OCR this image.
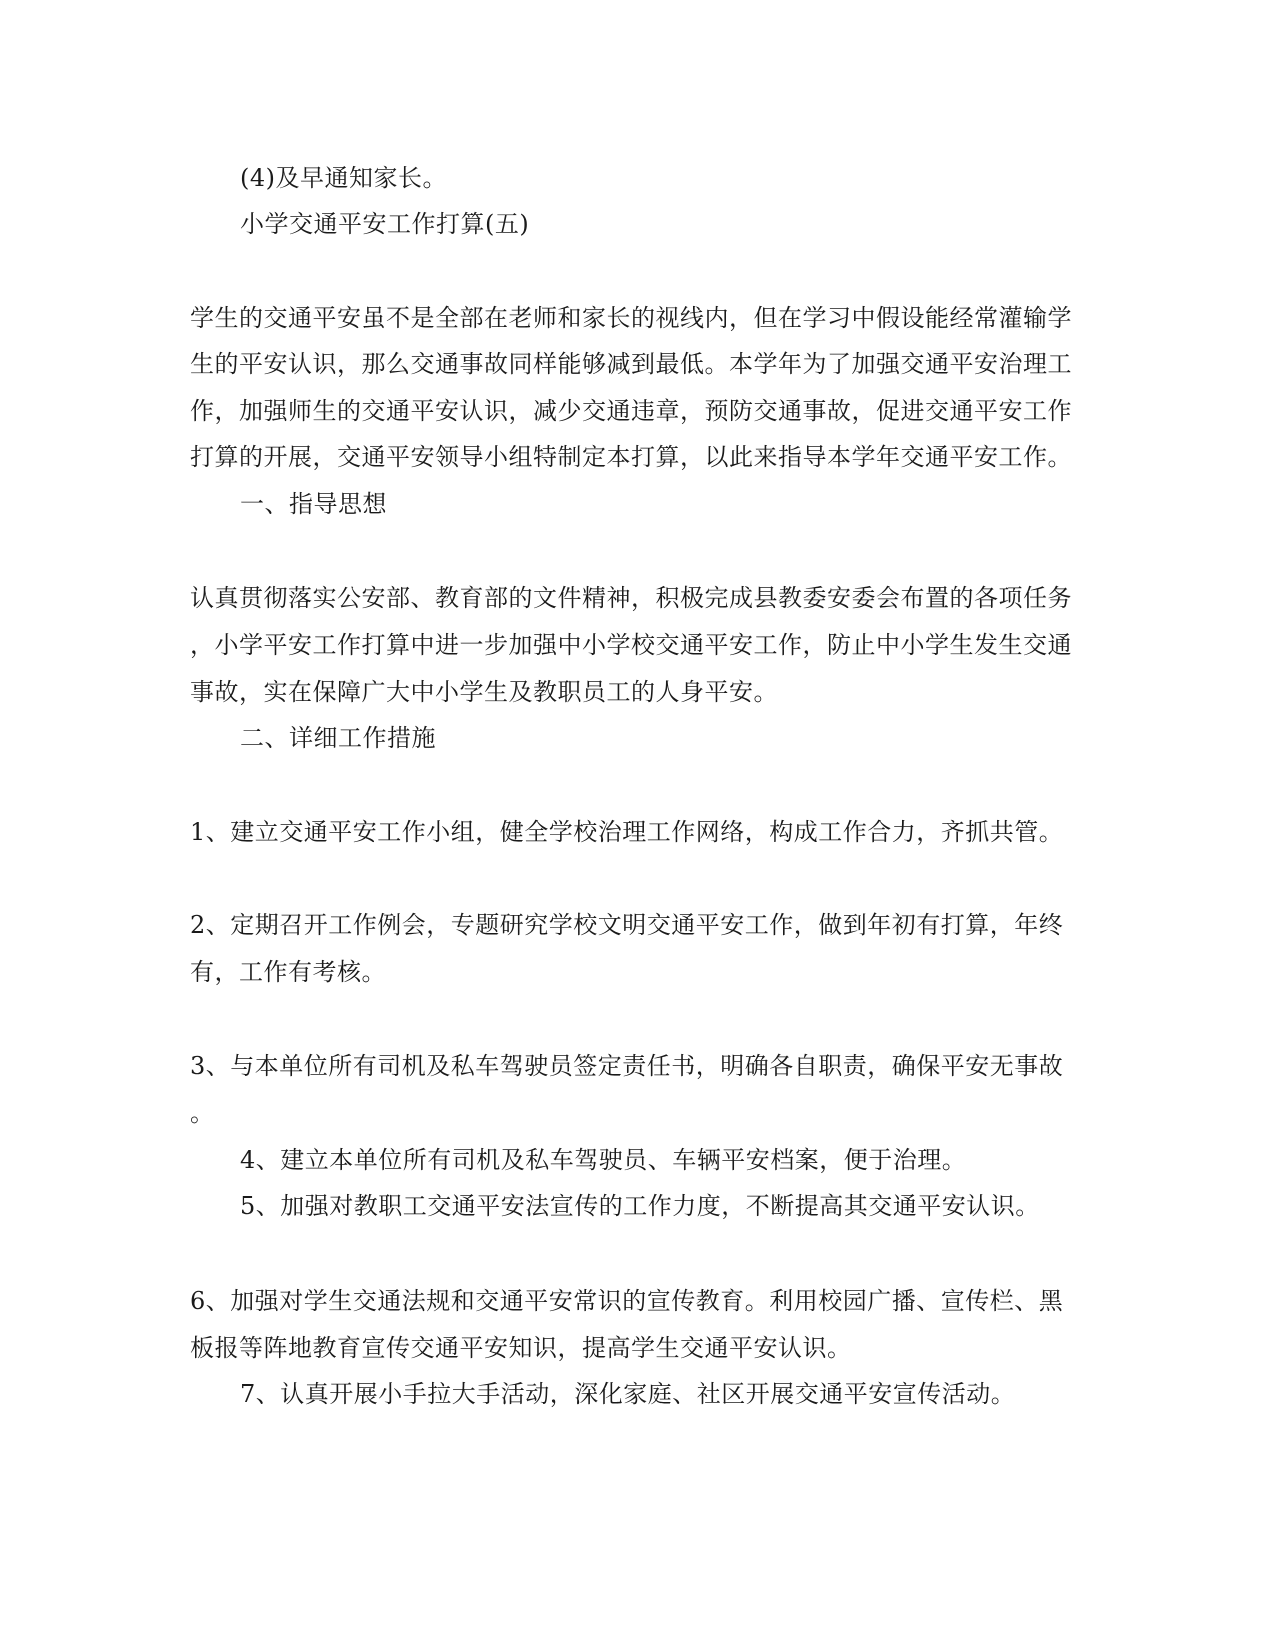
(4)及早通知家长。
小学交通平安工作打算(五)
学生的交通平安虽不是全部在老师和家长的视线内，但在学习中假设能经常灌输学
生的平安认识，那么交通事故同样能够减到最低。本学年为了加强交通平安治理工
作，加强师生的交通平安认识，减少交通违章，预防交通事故，促进交通平安工作
打算的开展，交通平安领导小组特制定本打算，以此来指导本学年交通平安工作。
一、指导思想
认真贯彻落实公安部、教育部的文件精神，积极完成县教委安委会布置的各项任务
，小学平安工作打算中进一步加强中小学校交通平安工作，防止中小学生发生交通
事故，实在保障广大中小学生及教职员工的人身平安。
二、详细工作措施
1、建立交通平安工作小组，健全学校治理工作网络，构成工作合力，齐抓共管。
2、定期召开工作例会，专题研究学校文明交通平安工作，做到年初有打算，年终
有，工作有考核。
3、与本单位所有司机及私车驾驶员签定责任书，明确各自职责，确保平安无事故
。
4、建立本单位所有司机及私车驾驶员、车辆平安档案，便于治理。
5、加强对教职工交通平安法宣传的工作力度，不断提高其交通平安认识。
6、加强对学生交通法规和交通平安常识的宣传教育。利用校园广播、宣传栏、黑
板报等阵地教育宣传交通平安知识，提高学生交通平安认识。
7、认真开展小手拉大手活动，深化家庭、社区开展交通平安宣传活动。
